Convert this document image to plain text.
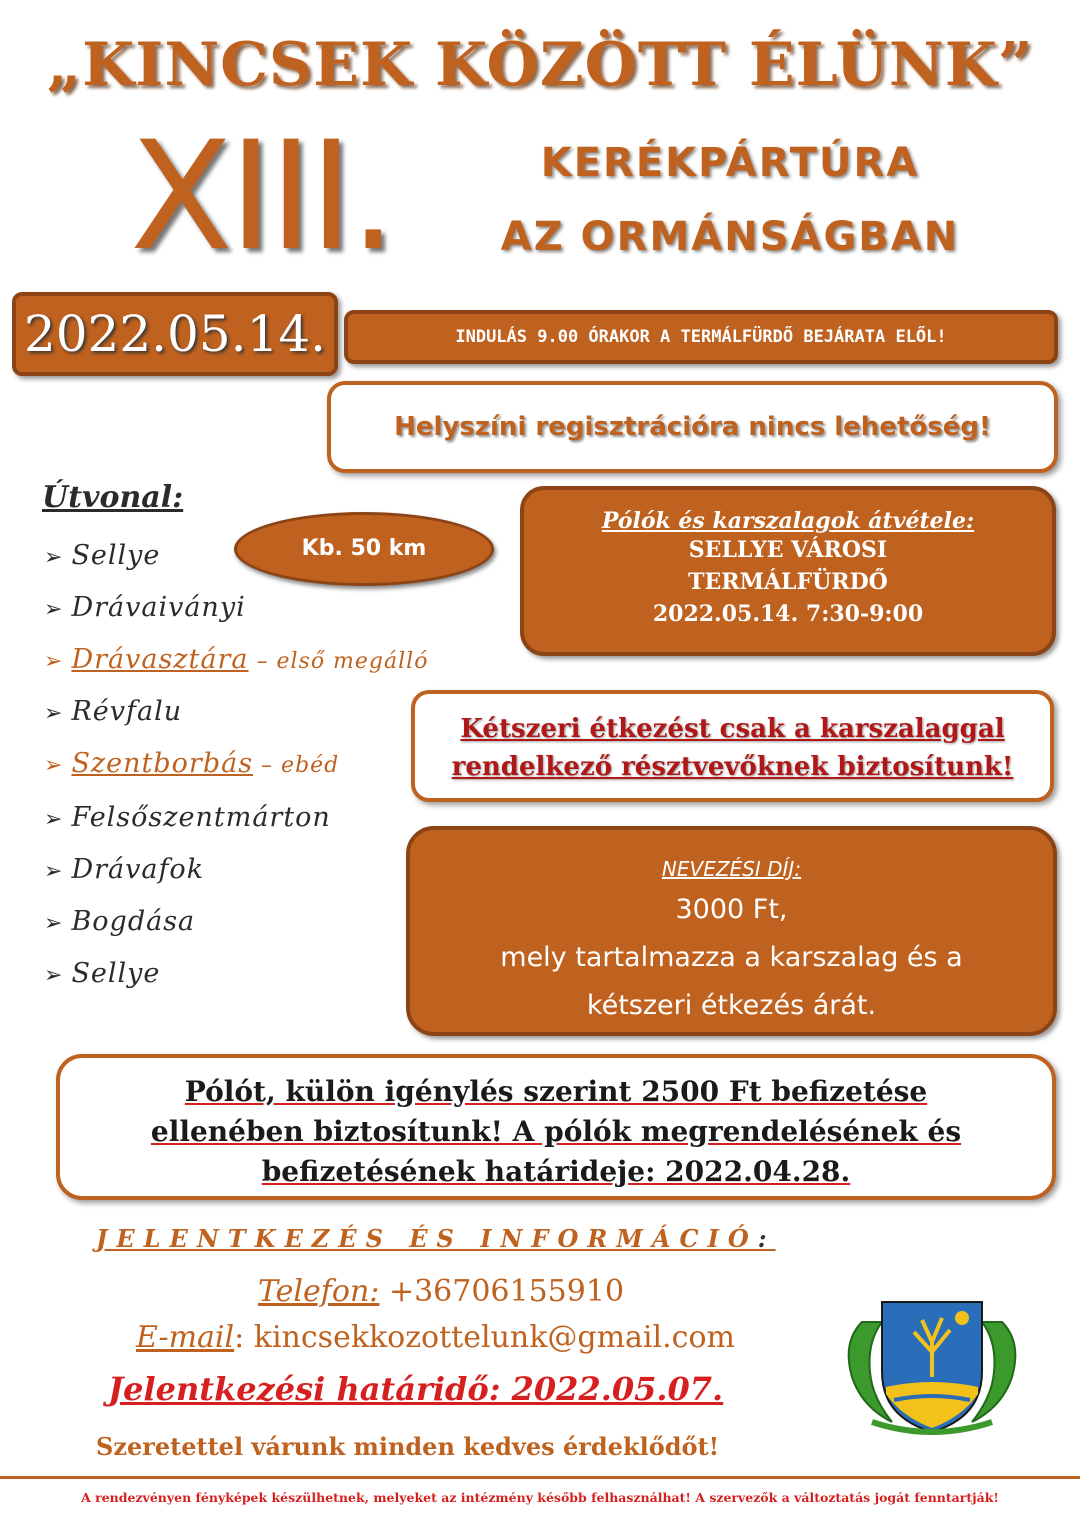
„KINCSEK KÖZÖTT ÉLÜNK”
XIII.	KERÉKPÁRTÚRA
AZ ORMÁNSÁGBAN
2022.05.14.	INDULÁS 9.00 ÓRAKOR A TERMÁLFÜRDŐ BEJÁRATA ELŐL!
Helyszíni regisztrációra nincs lehetőség!
Útvonal:
Kb. 50 km
➢ Sellye
➢ Drávaiványi
➢ Drávasztára – első megálló
➢ Révfalu
➢ Szentborbás – ebéd
➢ Felsőszentmárton
➢ Drávafok
➢ Bogdása
➢ Sellye
Pólók és karszalagok átvétele:
SELLYE VÁROSI
TERMÁLFÜRDŐ
2022.05.14. 7:30-9:00
Kétszeri étkezést csak a karszalaggal
rendelkező résztvevőknek biztosítunk!
NEVEZÉSI DÍJ:
3000 Ft,
mely tartalmazza a karszalag és a
kétszeri étkezés árát.
Pólót, külön igénylés szerint 2500 Ft befizetése
ellenében biztosítunk! A pólók megrendelésének és
befizetésének határideje: 2022.04.28.
JELENTKEZÉS ÉS INFORMÁCIÓ:
Telefon: +36706155910
E-mail: kincsekkozottelunk@gmail.com
Jelentkezési határidő: 2022.05.07.
Szeretettel várunk minden kedves érdeklődőt!
A rendezvényen fényképek készülhetnek, melyeket az intézmény később felhasználhat! A szervezők a változtatás jogát fenntartják!
